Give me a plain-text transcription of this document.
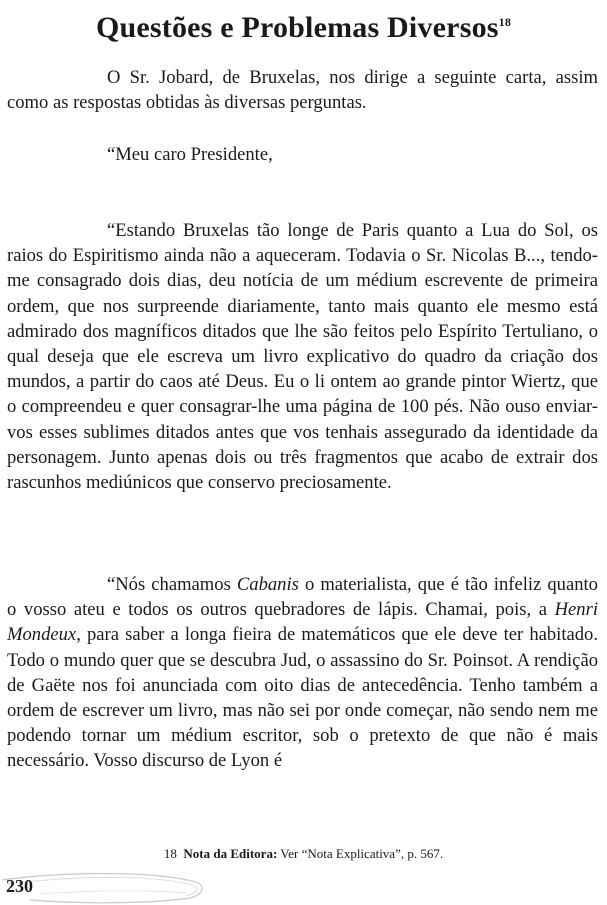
Questões e Problemas Diversos$^{18}$

O Sr. Jobard, de Bruxelas, nos dirige a seguinte carta, assim como as respostas obtidas às diversas perguntas.

“Meu caro Presidente,

“Estando Bruxelas tão longe de Paris quanto a Lua do Sol, os raios do Espiritismo ainda não a aqueceram. Todavia o Sr. Nicolas B..., tendo-me consagrado dois dias, deu notícia de um médium escrevente de primeira ordem, que nos surpreende diariamente, tanto mais quanto ele mesmo está admirado dos magníficos ditados que lhe são feitos pelo Espírito Tertuliano, o qual deseja que ele escreva um livro explicativo do quadro da criação dos mundos, a partir do caos até Deus. Eu o li ontem ao grande pintor Wiertz, que o compreendeu e quer consagrar-lhe uma página de 100 pés. Não ouso enviar-vos esses sublimes ditados antes que vos tenhais assegurado da identidade da personagem. Junto apenas dois ou três fragmentos que acabo de extrair dos rascunhos mediúnicos que conservo preciosamente.

“Nós chamamos Cabanis o materialista, que é tão infeliz quanto o vosso ateu e todos os outros quebradores de lápis. Chamai, pois, a Henri Mondeux, para saber a longa fieira de matemáticos que ele deve ter habitado. Todo o mundo quer que se descubra Jud, o assassino do Sr. Poinsot. A rendição de Gaëte nos foi anunciada com oito dias de antecedência. Tenho também a ordem de escrever um livro, mas não sei por onde começar, não sendo nem me podendo tornar um médium escritor, sob o pretexto de que não é mais necessário. Vosso discurso de Lyon é

18 Nota da Editora: Ver “Nota Explicativa”, p. 567.

230
